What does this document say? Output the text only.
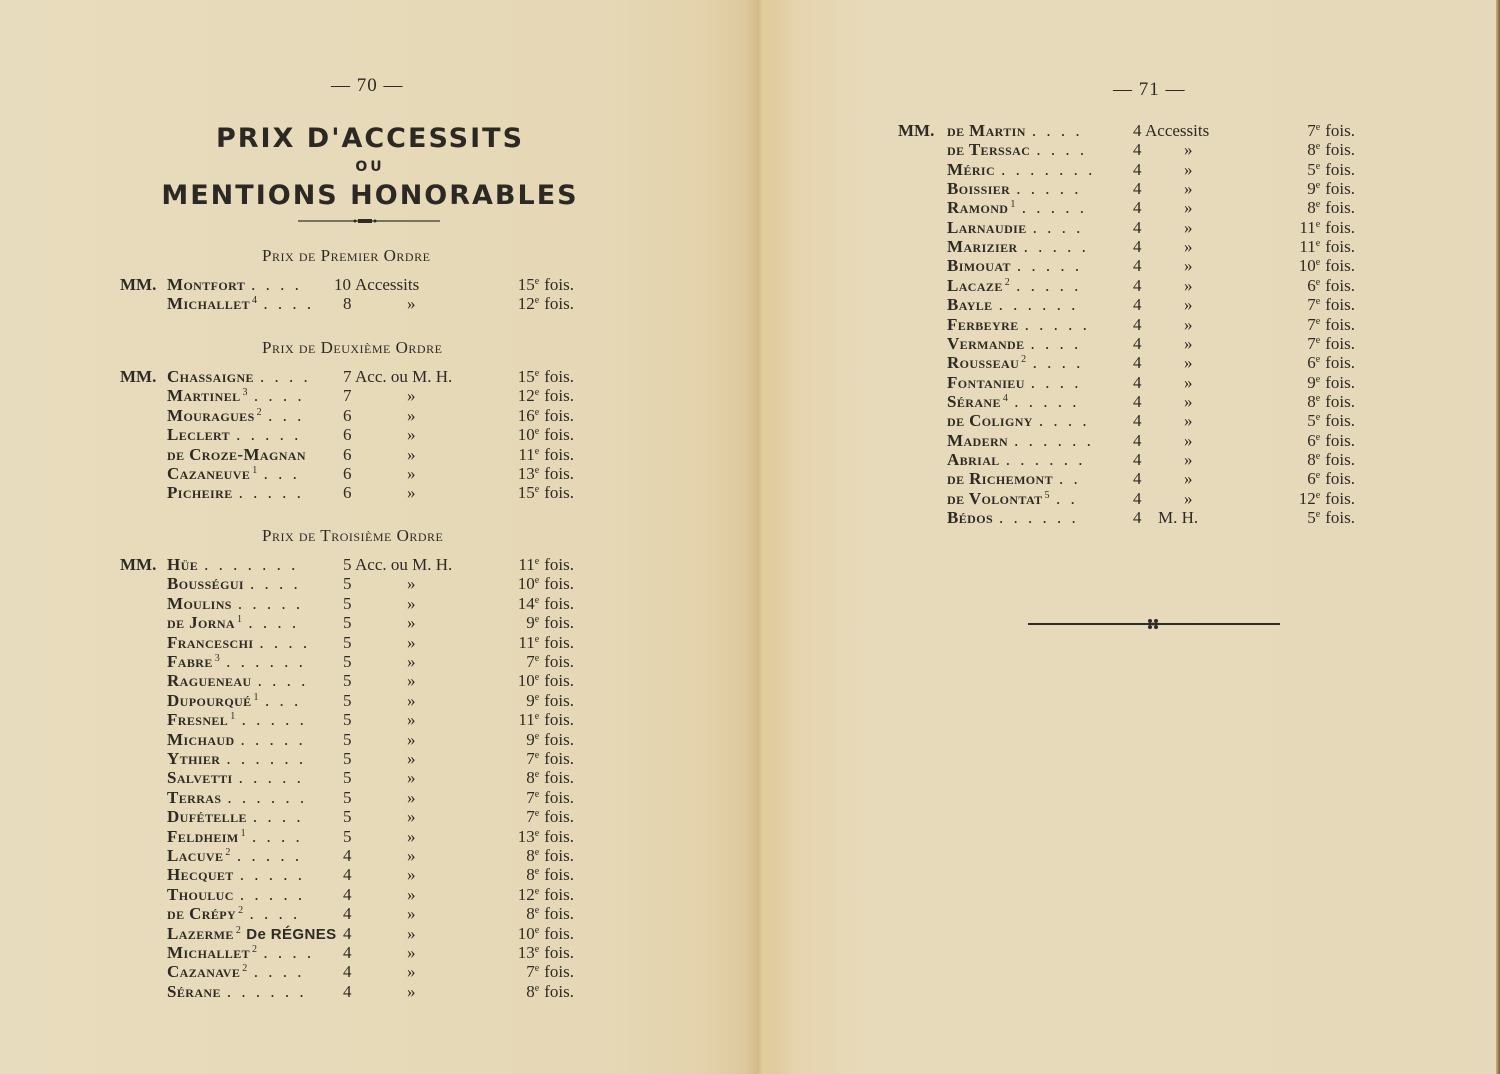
— 70 —
PRIX D'ACCESSITS
OU
MENTIONS HONORABLES
Prix de Premier Ordre
MM. Montfort . . . . 10 Accessits	15e fois.
Michallet $^4$ . . . . 8	»	12e fois.
Prix de Deuxième Ordre
MM. Chassaigne . . . . 7 Acc. ou M. H.	15e fois.
Martinel $^3$ . . . . 7	»	12e fois.
Mouragues $^2$ . . . 6	»	16e fois.
Leclert . . . . . 6	»	10e fois.
de Croze-Magnan 6	»	11e fois.
Cazaneuve $^1$ . . .	6	»	13e fois.
Picheire . . . . . 6	»	15e fois.
Prix de Troisième Ordre
MM. Hüe . . . . . . .	5 Acc. ou M. H.	11e fois.
Bousségui . . . . 5	»	10e fois.
Moulins . . . . . 5	»	14e fois.
de Jorna $^1$ . . . .	5	»	9e fois.
Franceschi . . . . 5	»	11e fois.
Fabre $^3$ . . . . . . 5	»	7e fois.
Ragueneau . . . . 5	»	10e fois.
Dupourqué $^1$ . . . 5	»	9e fois.
Fresnel $^1$ . . . . . 5	»	11e fois.
Michaud . . . . . 5	»	9e fois.
Ythier . . . . . . 5	»	7e fois.
Salvetti . . . . . 5	»	8e fois.
Terras . . . . . . 5	»	7e fois.
Dufételle . . . . 5	»	7e fois.
Feldheim $^1$ . . . . 5	»	13e fois.
Lacuve $^2$ . . . . . 4	»	8e fois.
Hecquet . . . . . 4	»	8e fois.
Thouluc . . . . . 4	»	12e fois.
de Crépy $^2$ . . . .	4	»	8e fois.
Lazerme $^2$ De RÉGNES 4	»	10e fois.
Michallet $^2$ . . . . 4	»	13e fois.
Cazanave $^2$ . . . . 4	»	7e fois.
Sérane . . . . . . 4	»	8e fois.
— 71 —
MM. de Martin . . . .	4 Accessits	7e fois.
de Terssac . . . .	4	»	8e fois.
Méric . . . . . . . 4	»	5e fois.
Boissier . . . . .	4	»	9e fois.
Ramond $^1$ . . . . .	4	»	8e fois.
Larnaudie . . . .	4	»	11e fois.
Marizier . . . . .	4	»	11e fois.
Bimouat . . . . .	4	»	10e fois.
Lacaze $^2$ . . . . .	4	»	6e fois.
Bayle . . . . . .	4	»	7e fois.
Ferbeyre . . . . .	4	»	7e fois.
Vermande . . . .	4	»	7e fois.
Rousseau $^2$ . . . .	4	»	6e fois.
Fontanieu . . . .	4	»	9e fois.
Sérane $^4$ . . . . .	4	»	8e fois.
de Coligny . . . .	4	»	5e fois.
Madern . . . . . . 4	»	6e fois.
Abrial . . . . . .	4	»	8e fois.
de Richemont . .	4	»	6e fois.
de Volontat $^5$ . .	4	»	12e fois.
Bédos . . . . . .	4 M. H.	5e fois.
